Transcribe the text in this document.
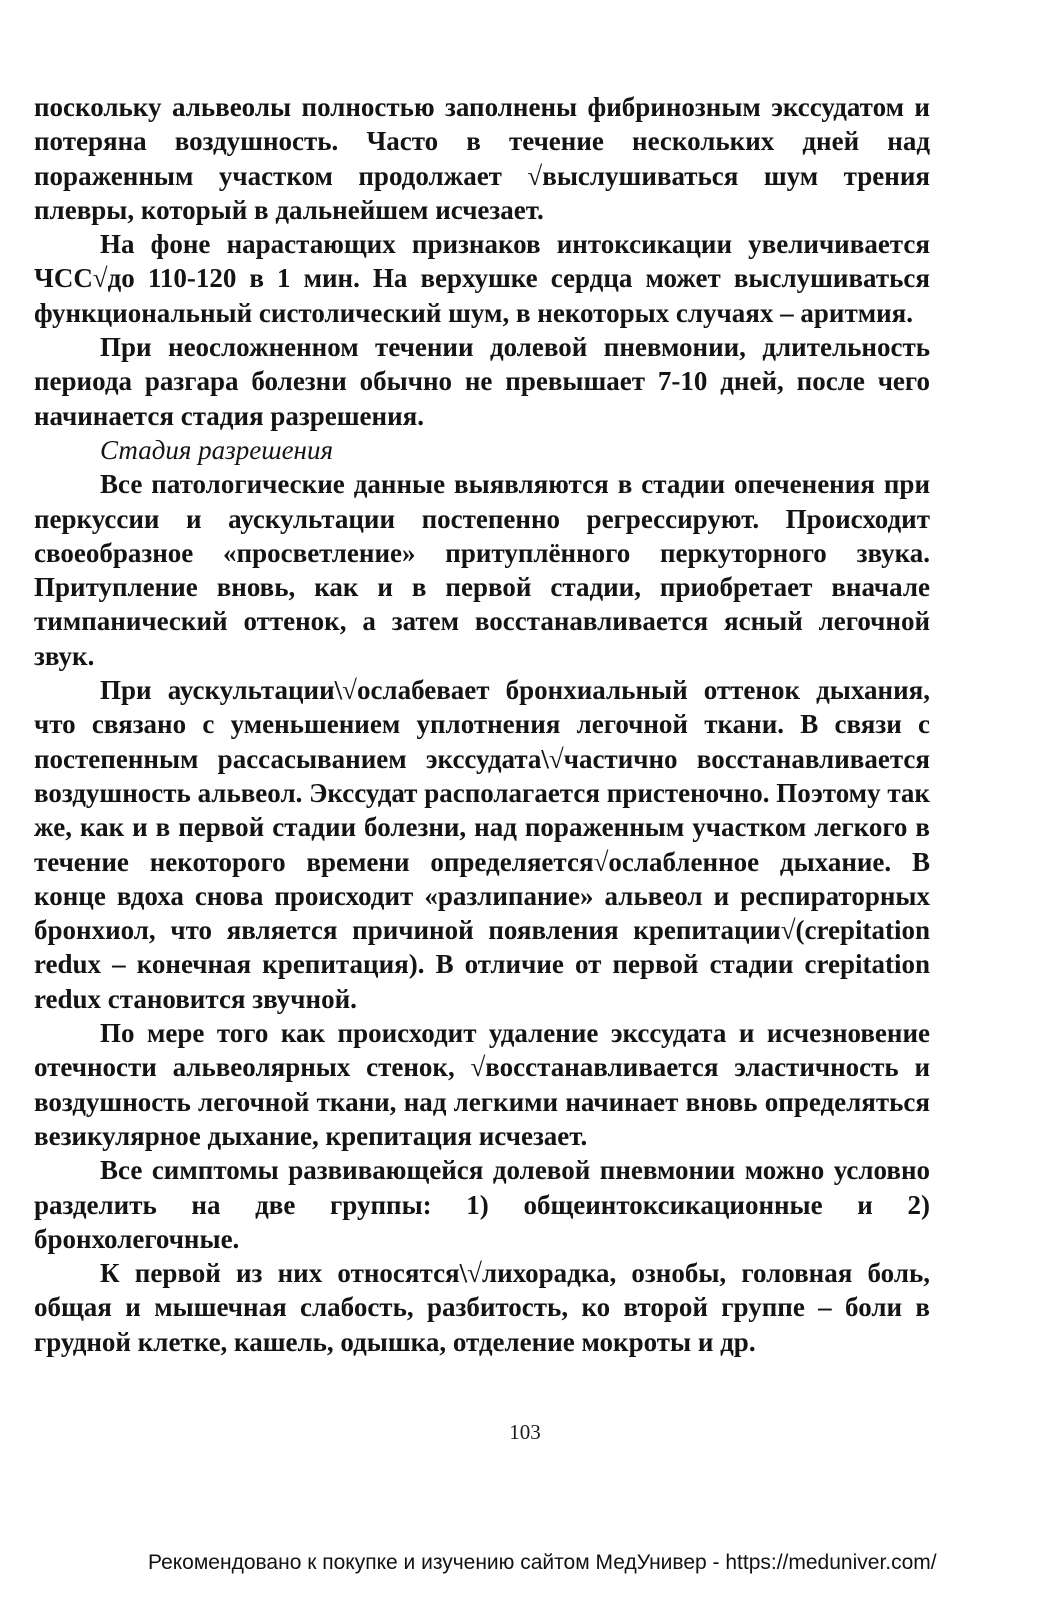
поскольку альвеолы полностью заполнены фибринозным экссудатом и потеряна воздушность. Часто в течение нескольких дней над пораженным участком продолжает √выслушиваться шум трения плевры, который в дальнейшем исчезает.

На фоне нарастающих признаков интоксикации увеличивается ЧСС√до 110-120 в 1 мин. На верхушке сердца может выслушиваться функциональный систолический шум, в некоторых случаях – аритмия.

При неосложненном течении долевой пневмонии, длительность периода разгара болезни обычно не превышает 7-10 дней, после чего начинается стадия разрешения.

Стадия разрешения

Все патологические данные выявляются в стадии опеченения при перкуссии и аускультации постепенно регрессируют. Происходит своеобразное «просветление» притуплённого перкуторного звука. Притупление вновь, как и в первой стадии, приобретает вначале тимпанический оттенок, а затем восстанавливается ясный легочной звук.

При аускультации\√ослабевает бронхиальный оттенок дыхания, что связано с уменьшением уплотнения легочной ткани. В связи с постепенным рассасыванием экссудата\√частично восстанавливается воздушность альвеол. Экссудат располагается пристеночно. Поэтому так же, как и в первой стадии болезни, над пораженным участком легкого в течение некоторого времени определяется√ослабленное дыхание. В конце вдоха снова происходит «разлипание» альвеол и респираторных бронхиол, что является причиной появления крепитации√(crepitation redux – конечная крепитация). В отличие от первой стадии crepitation redux становится звучной.

По мере того как происходит удаление экссудата и исчезновение отечности альвеолярных стенок, √восстанавливается эластичность и воздушность легочной ткани, над легкими начинает вновь определяться везикулярное дыхание, крепитация исчезает.

Все симптомы развивающейся долевой пневмонии можно условно разделить на две группы: 1) общеинтоксикационные и 2) бронхолегочные.

К первой из них относятся\√лихорадка, ознобы, головная боль, общая и мышечная слабость, разбитость, ко второй группе – боли в грудной клетке, кашель, одышка, отделение мокроты и др.

103
Рекомендовано к покупке и изучению сайтом МедУнивер - https://meduniver.com/
